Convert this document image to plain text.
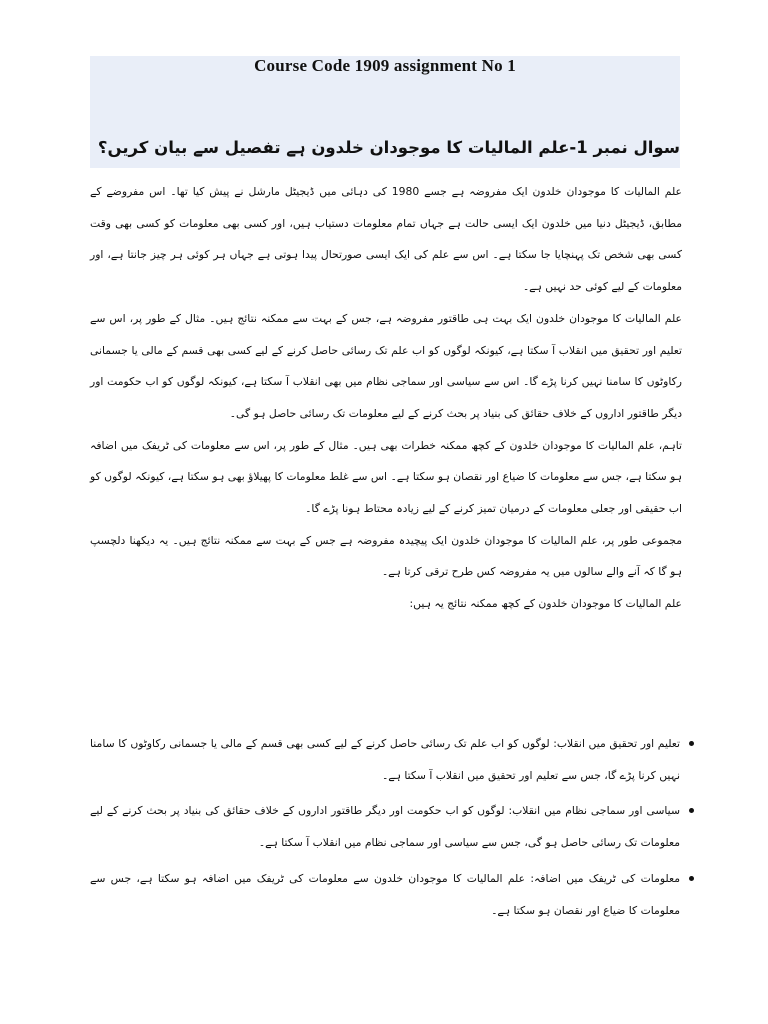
Course Code 1909 assignment No 1
سوال نمبر 1-علم المالیات کا موجودان خلدون ہے تفصیل سے بیان کریں؟

علم المالیات کا موجودان خلدون ایک مفروضہ ہے جسے 1980 کی دہائی میں ڈیجیٹل مارشل نے پیش کیا تھا۔ اس مفروضے کے مطابق، ڈیجیٹل دنیا میں خلدون ایک ایسی حالت ہے جہاں تمام معلومات دستیاب ہیں، اور کسی بھی معلومات کو کسی بھی وقت کسی بھی شخص تک پہنچایا جا سکتا ہے۔ اس سے علم کی ایک ایسی صورتحال پیدا ہوتی ہے جہاں ہر کوئی ہر چیز جانتا ہے، اور معلومات کے لیے کوئی حد نہیں ہے۔

علم المالیات کا موجودان خلدون ایک بہت ہی طاقتور مفروضہ ہے، جس کے بہت سے ممکنہ نتائج ہیں۔ مثال کے طور پر، اس سے تعلیم اور تحقیق میں انقلاب آ سکتا ہے، کیونکہ لوگوں کو اب علم تک رسائی حاصل کرنے کے لیے کسی بھی قسم کے مالی یا جسمانی رکاوٹوں کا سامنا نہیں کرنا پڑے گا۔ اس سے سیاسی اور سماجی نظام میں بھی انقلاب آ سکتا ہے، کیونکہ لوگوں کو اب حکومت اور دیگر طاقتور اداروں کے خلاف حقائق کی بنیاد پر بحث کرنے کے لیے معلومات تک رسائی حاصل ہو گی۔

تاہم، علم المالیات کا موجودان خلدون کے کچھ ممکنہ خطرات بھی ہیں۔ مثال کے طور پر، اس سے معلومات کی ٹریفک میں اضافہ ہو سکتا ہے، جس سے معلومات کا ضیاع اور نقصان ہو سکتا ہے۔ اس سے غلط معلومات کا پھیلاؤ بھی ہو سکتا ہے، کیونکہ لوگوں کو اب حقیقی اور جعلی معلومات کے درمیان تمیز کرنے کے لیے زیادہ محتاط ہونا پڑے گا۔

مجموعی طور پر، علم المالیات کا موجودان خلدون ایک پیچیدہ مفروضہ ہے جس کے بہت سے ممکنہ نتائج ہیں۔ یہ دیکھنا دلچسپ ہو گا کہ آنے والے سالوں میں یہ مفروضہ کس طرح ترقی کرتا ہے۔

علم المالیات کا موجودان خلدون کے کچھ ممکنہ نتائج یہ ہیں:

تعلیم اور تحقیق میں انقلاب: لوگوں کو اب علم تک رسائی حاصل کرنے کے لیے کسی بھی قسم کے مالی یا جسمانی رکاوٹوں کا سامنا نہیں کرنا پڑے گا، جس سے تعلیم اور تحقیق میں انقلاب آ سکتا ہے۔
سیاسی اور سماجی نظام میں انقلاب: لوگوں کو اب حکومت اور دیگر طاقتور اداروں کے خلاف حقائق کی بنیاد پر بحث کرنے کے لیے معلومات تک رسائی حاصل ہو گی، جس سے سیاسی اور سماجی نظام میں انقلاب آ سکتا ہے۔
معلومات کی ٹریفک میں اضافہ: علم المالیات کا موجودان خلدون سے معلومات کی ٹریفک میں اضافہ ہو سکتا ہے، جس سے معلومات کا ضیاع اور نقصان ہو سکتا ہے۔
